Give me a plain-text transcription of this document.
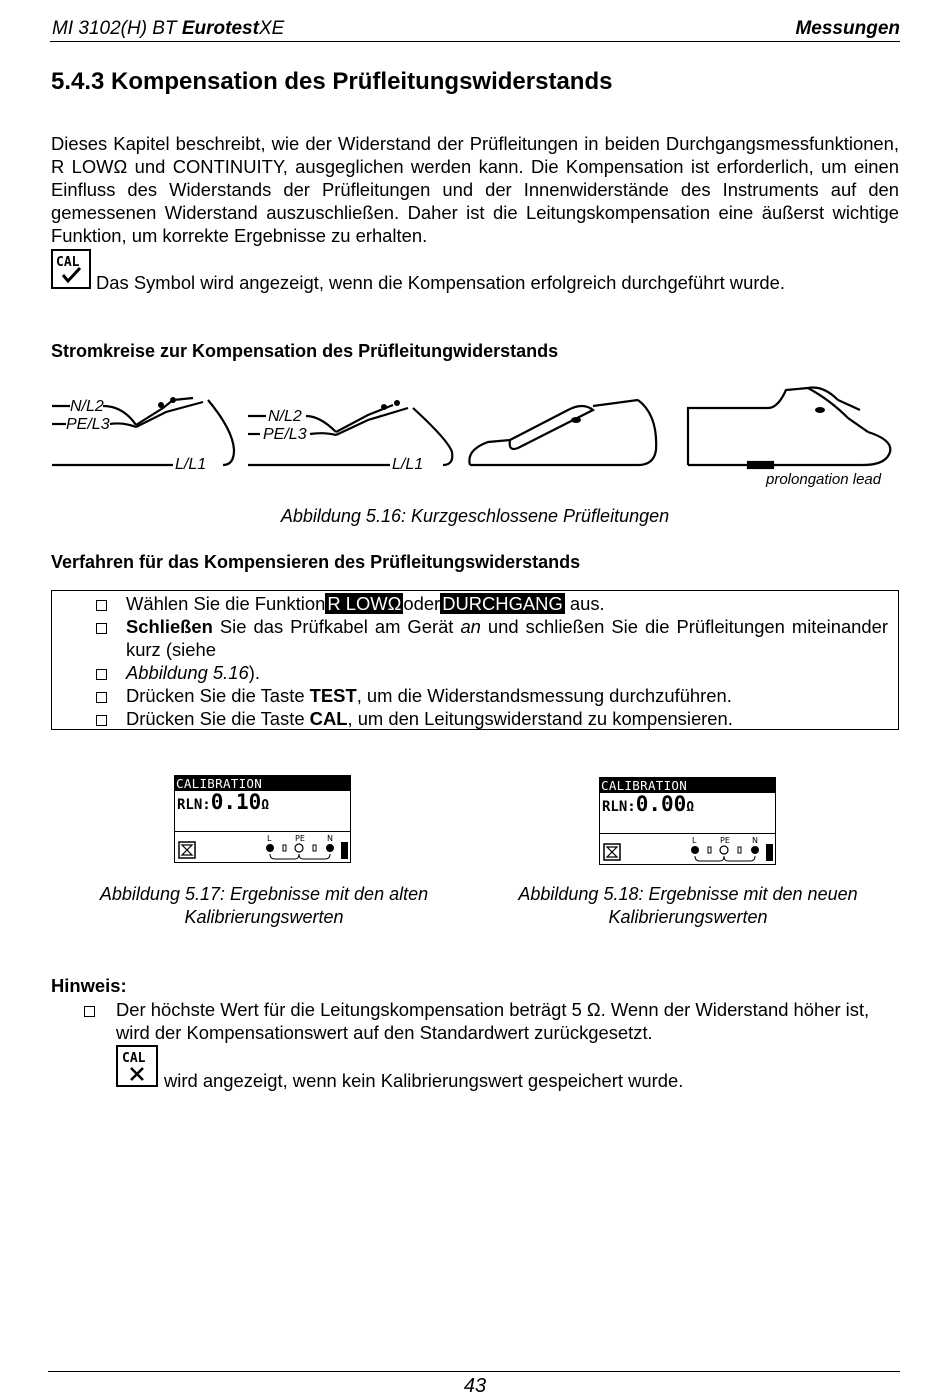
MI 3102(H) BT EurotestXE	Messungen
5.4.3 Kompensation des Prüfleitungswiderstands
Dieses Kapitel beschreibt, wie der Widerstand der Prüfleitungen in beiden Durchgangsmessfunktionen, R LOWΩ und CONTINUITY, ausgeglichen werden kann. Die Kompensation ist erforderlich, um einen Einfluss des Widerstands der Prüfleitungen und der Innenwiderstände des Instruments auf den gemessenen Widerstand auszuschließen. Daher ist die Leitungskompensation eine äußerst wichtige Funktion, um korrekte Ergebnisse zu erhalten.
CAL
Das Symbol wird angezeigt, wenn die Kompensation erfolgreich durchgeführt wurde.
Stromkreise zur Kompensation des Prüfleitungwiderstands
N/L2
PE/L3
L/L1
N/L2
PE/L3
L/L1
prolongation lead
Abbildung 5.16: Kurzgeschlossene Prüfleitungen
Verfahren für das Kompensieren des Prüfleitungswiderstands
Wählen Sie die Funktion R LOWΩ oder DURCHGANG aus.
Schließen Sie das Prüfkabel am Gerät an und schließen Sie die Prüfleitungen miteinander kurz (siehe
Abbildung 5.16).
Drücken Sie die Taste TEST, um die Widerstandsmessung durchzuführen.
Drücken Sie die Taste CAL, um den Leitungswiderstand zu kompensieren.
CALIBRATION
RLN:0.10Ω
L	PE	N
CALIBRATION
RLN:0.00Ω
L	PE	N
Abbildung 5.17: Ergebnisse mit den alten
Kalibrierungswerten
Abbildung 5.18: Ergebnisse mit den neuen
Kalibrierungswerten
Hinweis:
Der höchste Wert für die Leitungskompensation beträgt 5 Ω. Wenn der Widerstand höher ist, wird der Kompensationswert auf den Standardwert zurückgesetzt.
CAL
wird angezeigt, wenn kein Kalibrierungswert gespeichert wurde.
43
